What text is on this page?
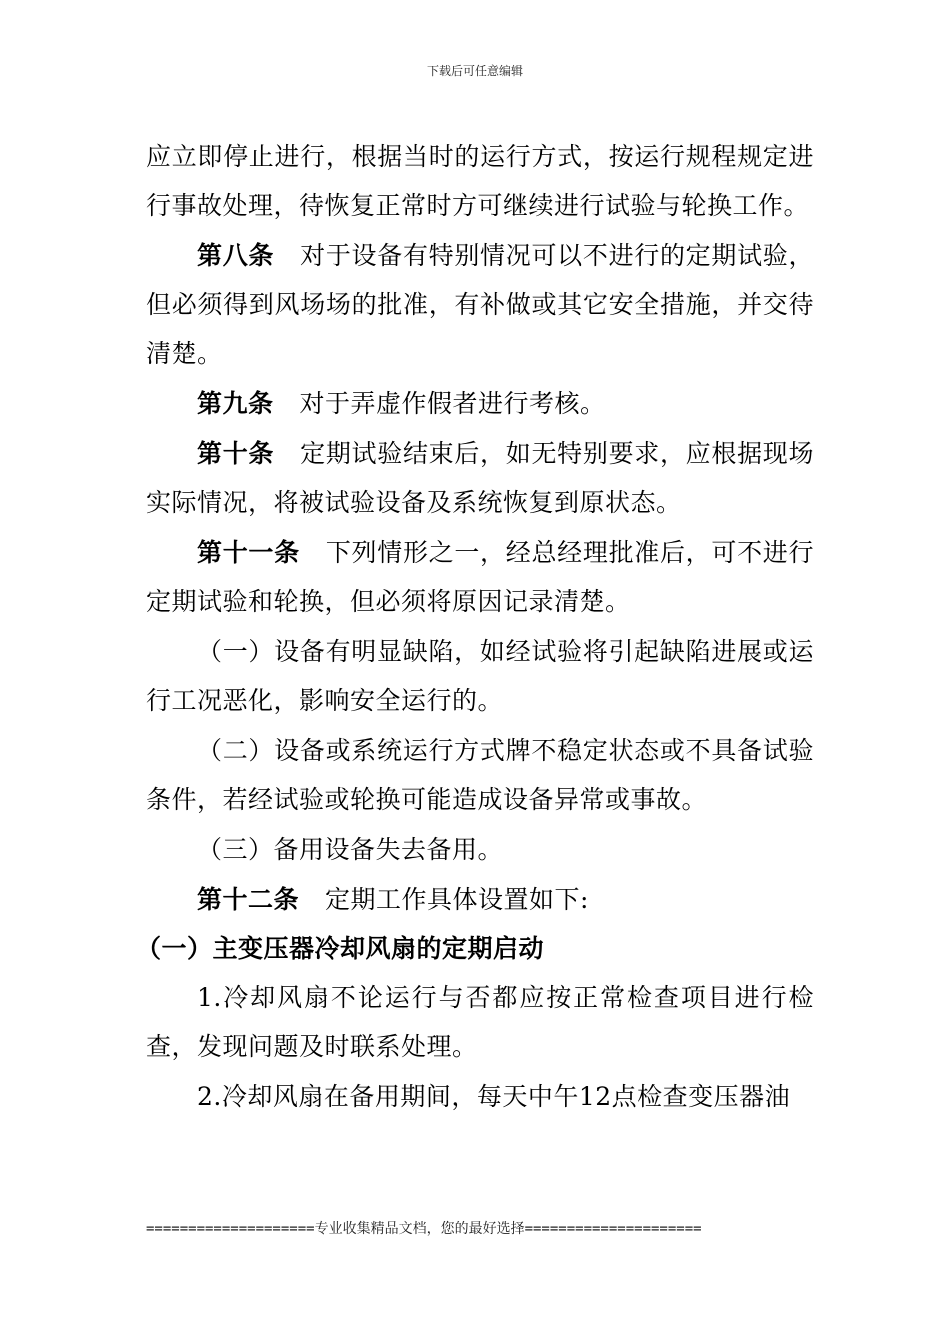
下载后可任意编辑

应立即停止进行，根据当时的运行方式，按运行规程规定进行事故处理，待恢复正常时方可继续进行试验与轮换工作。

第八条 对于设备有特别情况可以不进行的定期试验，但必须得到风场场的批准，有补做或其它安全措施，并交待清楚。

第九条 对于弄虚作假者进行考核。

第十条 定期试验结束后，如无特别要求，应根据现场实际情况，将被试验设备及系统恢复到原状态。

第十一条 下列情形之一，经总经理批准后，可不进行定期试验和轮换，但必须将原因记录清楚。

（一）设备有明显缺陷，如经试验将引起缺陷进展或运行工况恶化，影响安全运行的。

（二）设备或系统运行方式牌不稳定状态或不具备试验条件，若经试验或轮换可能造成设备异常或事故。

（三）备用设备失去备用。

第十二条 定期工作具体设置如下:

（一）主变压器冷却风扇的定期启动

1.冷却风扇不论运行与否都应按正常检查项目进行检查，发现问题及时联系处理。

2.冷却风扇在备用期间，每天中午12点检查变压器油

====================专业收集精品文档，您的最好选择=====================
